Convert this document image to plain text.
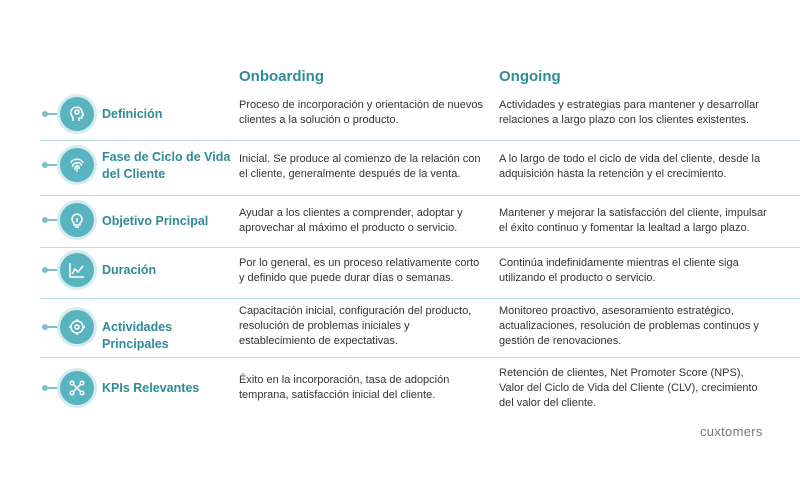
Onboarding	Ongoing
Definición
Proceso de incorporación y orientación de nuevos clientes a la solución o producto.
Actividades y estrategias para mantener y desarrollar relaciones a largo plazo con los clientes existentes.
Fase de Ciclo de Vida del Cliente
Inicial. Se produce al comienzo de la relación con el cliente, generalmente después de la venta.
A lo largo de todo el ciclo de vida del cliente, desde la adquisición hasta la retención y el crecimiento.
Objetivo Principal
Ayudar a los clientes a comprender, adoptar y aprovechar al máximo el producto o servicio.
Mantener y mejorar la satisfacción del cliente, impulsar el éxito continuo y fomentar la lealtad a largo plazo.
Duración	Por lo general, es un proceso relativamente corto y definido que puede durar días o semanas.
Continúa indefinidamente mientras el cliente siga utilizando el producto o servicio.
Actividades Principales
Capacitación inicial, configuración del producto, resolución de problemas iniciales y establecimiento de expectativas.
Monitoreo proactivo, asesoramiento estratégico, actualizaciones, resolución de problemas continuos y gestión de renovaciones.
KPIs Relevantes
Éxito en la incorporación, tasa de adopción temprana, satisfacción inicial del cliente.
Retención de clientes, Net Promoter Score (NPS), Valor del Ciclo de Vida del Cliente (CLV), crecimiento del valor del cliente.
cuxtomers
